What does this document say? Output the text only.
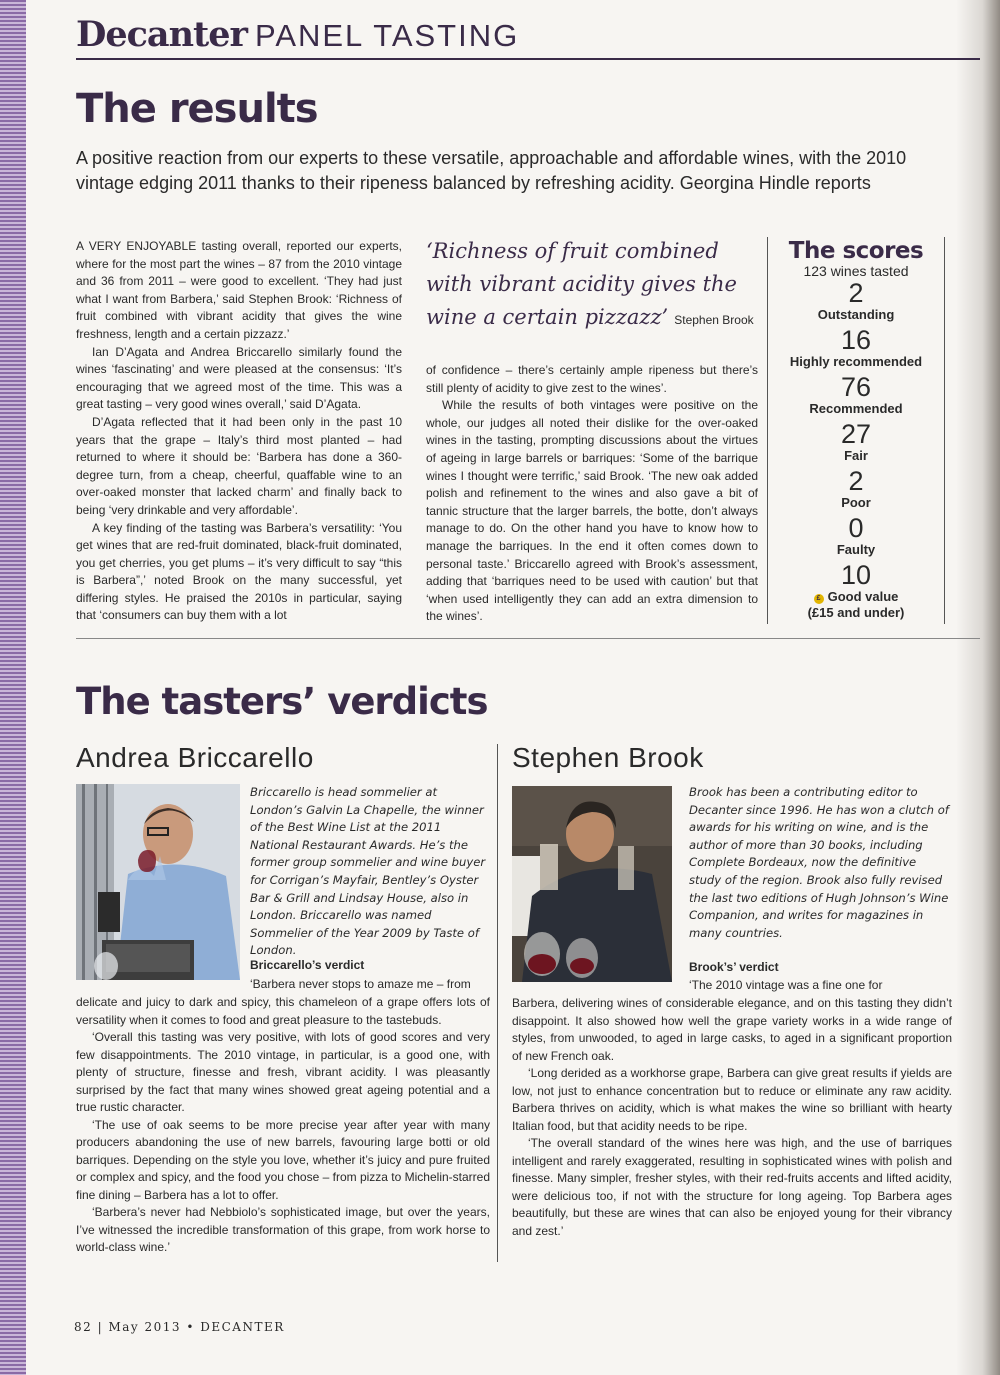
Decanter PANEL TASTING
The results
A positive reaction from our experts to these versatile, approachable and affordable wines, with the 2010 vintage edging 2011 thanks to their ripeness balanced by refreshing acidity. Georgina Hindle reports

A VERY ENJOYABLE tasting overall, reported our experts, where for the most part the wines – 87 from the 2010 vintage and 36 from 2011 – were good to excellent. ‘They had just what I want from Barbera,’ said Stephen Brook: ‘Richness of fruit combined with vibrant acidity that gives the wine freshness, length and a certain pizzazz.’

Ian D’Agata and Andrea Briccarello similarly found the wines ‘fascinating’ and were pleased at the consensus: ‘It’s encouraging that we agreed most of the time. This was a great tasting – very good wines overall,’ said D’Agata.

D’Agata reflected that it had been only in the past 10 years that the grape – Italy’s third most planted – had returned to where it should be: ‘Barbera has done a 360-degree turn, from a cheap, cheerful, quaffable wine to an over-oaked monster that lacked charm’ and finally back to being ‘very drinkable and very affordable’.

A key finding of the tasting was Barbera’s versatility: ‘You get wines that are red-fruit dominated, black-fruit dominated, you get cherries, you get plums – it’s very difficult to say “this is Barbera”,’ noted Brook on the many successful, yet differing styles. He praised the 2010s in particular, saying that ‘consumers can buy them with a lot

‘Richness of fruit combined with vibrant acidity gives the wine a certain pizzazz’ Stephen Brook

of confidence – there’s certainly ample ripeness but there’s still plenty of acidity to give zest to the wines’.

While the results of both vintages were positive on the whole, our judges all noted their dislike for the over-oaked wines in the tasting, prompting discussions about the virtues of ageing in large barrels or barriques: ‘Some of the barrique wines I thought were terrific,’ said Brook. ‘The new oak added polish and refinement to the wines and also gave a bit of tannic structure that the larger barrels, the botte, don’t always manage to do. On the other hand you have to know how to manage the barriques. In the end it often comes down to personal taste.’ Briccarello agreed with Brook’s assessment, adding that ‘barriques need to be used with caution’ but that ‘when used intelligently they can add an extra dimension to the wines’.

The scores
123 wines tasted
2
Outstanding
16
Highly recommended
76
Recommended
27
Fair
2
Poor
0
Faulty
10
£ Good value
(£15 and under)
The tasters’ verdicts
Andrea Briccarello	Stephen Brook
Briccarello is head sommelier at London’s Galvin La Chapelle, the winner of the Best Wine List at the 2011 National Restaurant Awards. He’s the former group sommelier and wine buyer for Corrigan’s Mayfair, Bentley’s Oyster Bar & Grill and Lindsay House, also in London. Briccarello was named Sommelier of the Year 2009 by Taste of London.
Brook has been a contributing editor to Decanter since 1996. He has won a clutch of awards for his writing on wine, and is the author of more than 30 books, including Complete Bordeaux, now the definitive study of the region. Brook also fully revised the last two editions of Hugh Johnson’s Wine Companion, and writes for magazines in many countries.
Briccarello’s verdict

‘Barbera never stops to amaze me – from

delicate and juicy to dark and spicy, this chameleon of a grape offers lots of versatility when it comes to food and great pleasure to the tastebuds.

‘Overall this tasting was very positive, with lots of good scores and very few disappointments. The 2010 vintage, in particular, is a good one, with plenty of structure, finesse and fresh, vibrant acidity. I was pleasantly surprised by the fact that many wines showed great ageing potential and a true rustic character.

‘The use of oak seems to be more precise year after year with many producers abandoning the use of new barrels, favouring large botti or old barriques. Depending on the style you love, whether it’s juicy and pure fruited or complex and spicy, and the food you chose – from pizza to Michelin-starred fine dining – Barbera has a lot to offer.

‘Barbera’s never had Nebbiolo’s sophisticated image, but over the years, I’ve witnessed the incredible transformation of this grape, from work horse to world-class wine.’

Brook’s’ verdict

‘The 2010 vintage was a fine one for

Barbera, delivering wines of considerable elegance, and on this tasting they didn’t disappoint. It also showed how well the grape variety works in a wide range of styles, from unwooded, to aged in large casks, to aged in a significant proportion of new French oak.

‘Long derided as a workhorse grape, Barbera can give great results if yields are low, not just to enhance concentration but to reduce or eliminate any raw acidity. Barbera thrives on acidity, which is what makes the wine so brilliant with hearty Italian food, but that acidity needs to be ripe.

‘The overall standard of the wines here was high, and the use of barriques intelligent and rarely exaggerated, resulting in sophisticated wines with polish and finesse. Many simpler, fresher styles, with their red-fruits accents and lifted acidity, were delicious too, if not with the structure for long ageing. Top Barbera ages beautifully, but these are wines that can also be enjoyed young for their vibrancy and zest.’

82 | May 2013 • DECANTER
